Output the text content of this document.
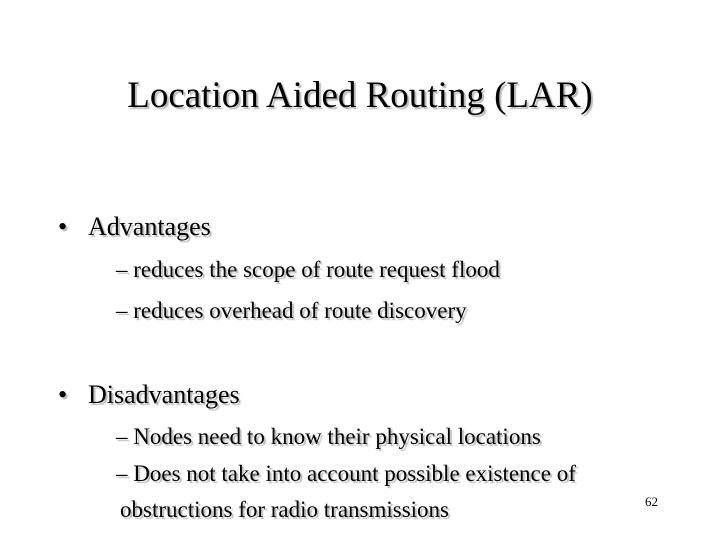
Location Aided Routing (LAR)
• Advantages
– reduces the scope of route request flood
– reduces overhead of route discovery
• Disadvantages
– Nodes need to know their physical locations
– Does not take into account possible existence of
obstructions for radio transmissions	62
